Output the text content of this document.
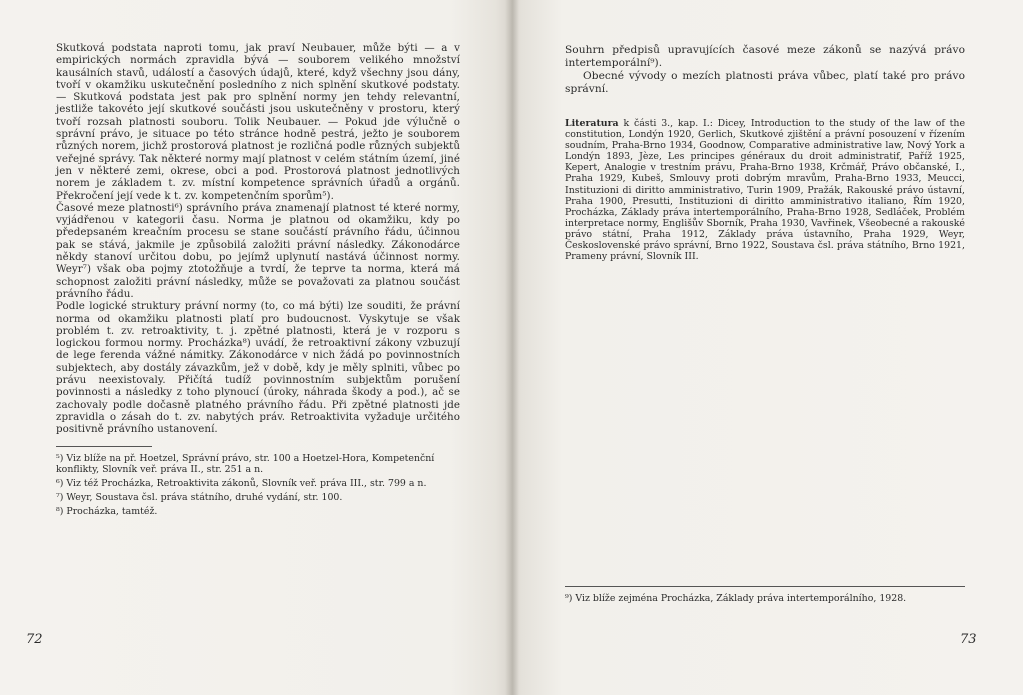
Skutková podstata naproti tomu, jak praví Neubauer, může býti — a v empirických normách zpravidla bývá — souborem velikého množství kausálních stavů, událostí a časových údajů, které, když všechny jsou dány, tvoří v okamžiku uskutečnění posledního z nich splnění skutkové podstaty. — Skutková podstata jest pak pro splnění normy jen tehdy relevantní, jestliže takovéto její skutkové součásti jsou uskutečněny v prostoru, který tvoří rozsah platnosti souboru. Tolik Neubauer. — Pokud jde výlučně o správní právo, je situace po této stránce hodně pestrá, ježto je souborem různých norem, jichž prostorová platnost je rozličná podle různých subjektů veřejné správy. Tak některé normy mají platnost v celém státním území, jiné jen v některé zemi, okrese, obci a pod. Prostorová platnost jednotlivých norem je základem t. zv. místní kompetence správních úřadů a orgánů. Překročení její vede k t. zv. kompetenčním sporům⁵).

Časové meze platnosti⁶) správního práva znamenají platnost té které normy, vyjádřenou v kategorii času. Norma je platnou od okamžiku, kdy po předepsaném kreačním procesu se stane součástí právního řádu, účinnou pak se stává, jakmile je způsobilá založiti právní následky. Zákonodárce někdy stanoví určitou dobu, po jejímž uplynutí nastává účinnost normy. Weyr⁷) však oba pojmy ztotožňuje a tvrdí, že teprve ta norma, která má schopnost založiti právní následky, může se považovati za platnou součást právního řádu.

Podle logické struktury právní normy (to, co má býti) lze souditi, že právní norma od okamžiku platnosti platí pro budoucnost. Vyskytuje se však problém t. zv. retroaktivity, t. j. zpětné platnosti, která je v rozporu s logickou formou normy. Procházka⁸) uvádí, že retroaktivní zákony vzbuzují de lege ferenda vážné námitky. Zákonodárce v nich žádá po povinnostních subjektech, aby dostály závazkům, jež v době, kdy je měly splniti, vůbec po právu neexistovaly. Přičítá tudíž povinnostním subjektům porušení povinnosti a následky z toho plynoucí (úroky, náhrada škody a pod.), ač se zachovaly podle dočasně platného právního řádu. Při zpětné platnosti jde zpravidla o zásah do t. zv. nabytých práv. Retroaktivita vyžaduje určitého positivně právního ustanovení.

⁵) Viz blíže na př. Hoetzel, Správní právo, str. 100 a Hoetzel-Hora, Kompetenční konflikty, Slovník veř. práva II., str. 251 a n.

⁶) Viz též Procházka, Retroaktivita zákonů, Slovník veř. práva III., str. 799 a n.

⁷) Weyr, Soustava čsl. práva státního, druhé vydání, str. 100.

⁸) Procházka, tamtéž.

72

Souhrn předpisů upravujících časové meze zákonů se nazývá právo intertemporální⁹).

Obecné vývody o mezích platnosti práva vůbec, platí také pro právo správní.

Literatura k části 3., kap. I.: Dicey, Introduction to the study of the law of the constitution, Londýn 1920, Gerlich, Skutkové zjištění a právní posouzení v řízením soudním, Praha-Brno 1934, Goodnow, Comparative administrative law, Nový York a Londýn 1893, Jèze, Les principes généraux du droit administratif, Paříž 1925, Kepert, Analogie v trestním právu, Praha-Brno 1938, Krčmář, Právo občanské, I., Praha 1929, Kubeš, Smlouvy proti dobrým mravům, Praha-Brno 1933, Meucci, Instituzioni di diritto amministrativo, Turin 1909, Pražák, Rakouské právo ústavní, Praha 1900, Presutti, Instituzioni di diritto amministrativo italiano, Řím 1920, Procházka, Základy práva intertemporálního, Praha-Brno 1928, Sedláček, Problém interpretace normy, Englišův Sborník, Praha 1930, Vavřinek, Všeobecné a rakouské právo státní, Praha 1912, Základy práva ústavního, Praha 1929, Weyr, Československé právo správní, Brno 1922, Soustava čsl. práva státního, Brno 1921, Prameny právní, Slovník III.

⁹) Viz blíže zejména Procházka, Základy práva intertemporálního, 1928.

73
